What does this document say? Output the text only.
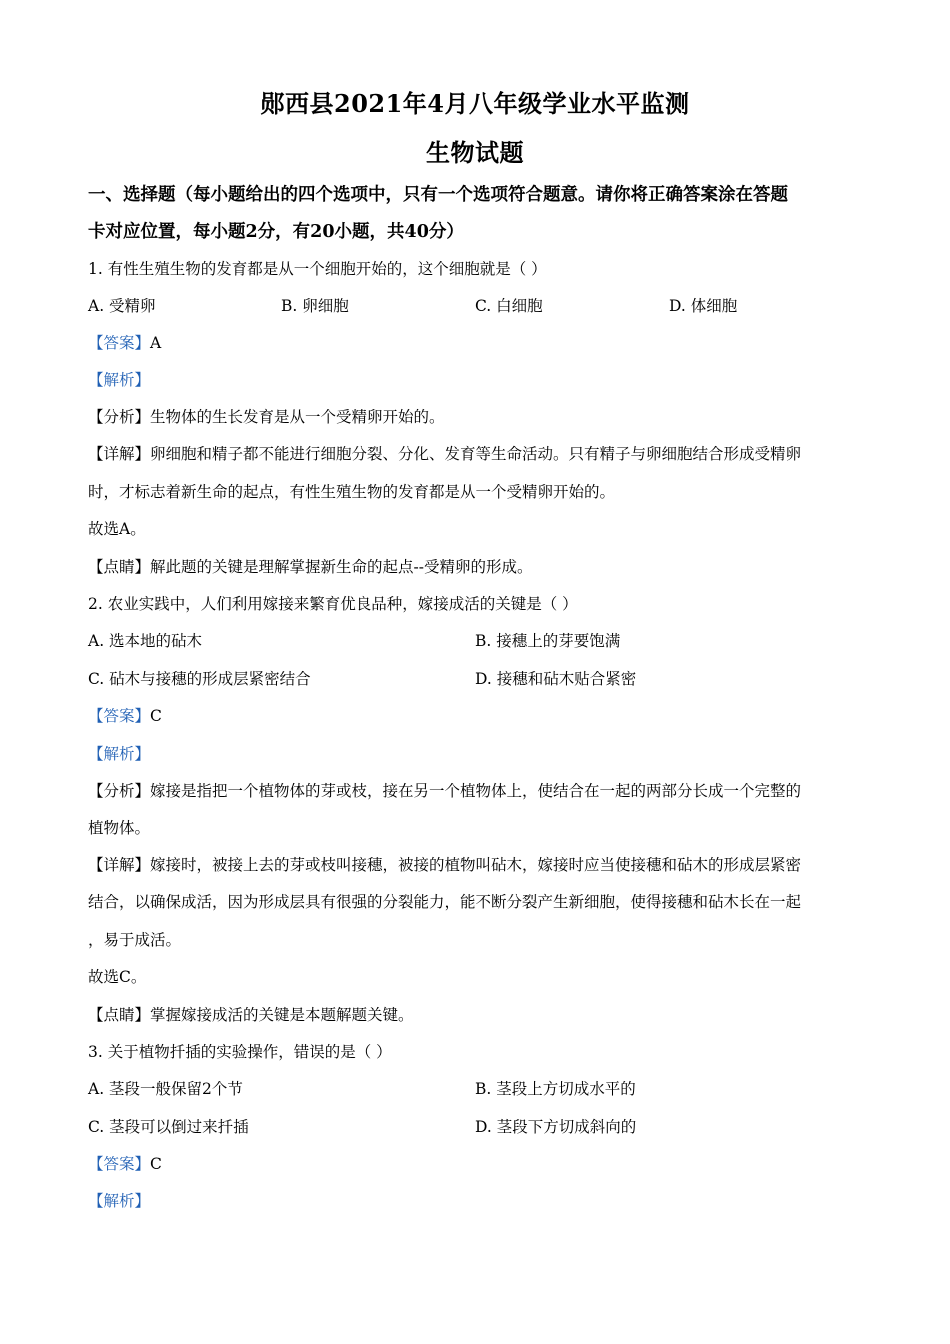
郧西县2021年4月八年级学业水平监测
生物试题
一、选择题（每小题给出的四个选项中，只有一个选项符合题意。请你将正确答案涂在答题
卡对应位置，每小题2分，有20小题，共40分）
1. 有性生殖生物的发育都是从一个细胞开始的，这个细胞就是（ ）
A. 受精卵	B. 卵细胞	C. 白细胞	D. 体细胞
【答案】A
【解析】
【分析】生物体的生长发育是从一个受精卵开始的。
【详解】卵细胞和精子都不能进行细胞分裂、分化、发育等生命活动。只有精子与卵细胞结合形成受精卵
时，才标志着新生命的起点，有性生殖生物的发育都是从一个受精卵开始的。
故选A。
【点睛】解此题的关键是理解掌握新生命的起点--受精卵的形成。
2. 农业实践中，人们利用嫁接来繁育优良品种，嫁接成活的关键是（ ）
A. 选本地的砧木	B. 接穗上的芽要饱满
C. 砧木与接穗的形成层紧密结合	D. 接穗和砧木贴合紧密
【答案】C
【解析】
【分析】嫁接是指把一个植物体的芽或枝，接在另一个植物体上，使结合在一起的两部分长成一个完整的
植物体。
【详解】嫁接时，被接上去的芽或枝叫接穗，被接的植物叫砧木，嫁接时应当使接穗和砧木的形成层紧密
结合，以确保成活，因为形成层具有很强的分裂能力，能不断分裂产生新细胞，使得接穗和砧木长在一起
，易于成活。
故选C。
【点睛】掌握嫁接成活的关键是本题解题关键。
3. 关于植物扦插的实验操作，错误的是（ ）
A. 茎段一般保留2个节	B. 茎段上方切成水平的
C. 茎段可以倒过来扦插	D. 茎段下方切成斜向的
【答案】C
【解析】
